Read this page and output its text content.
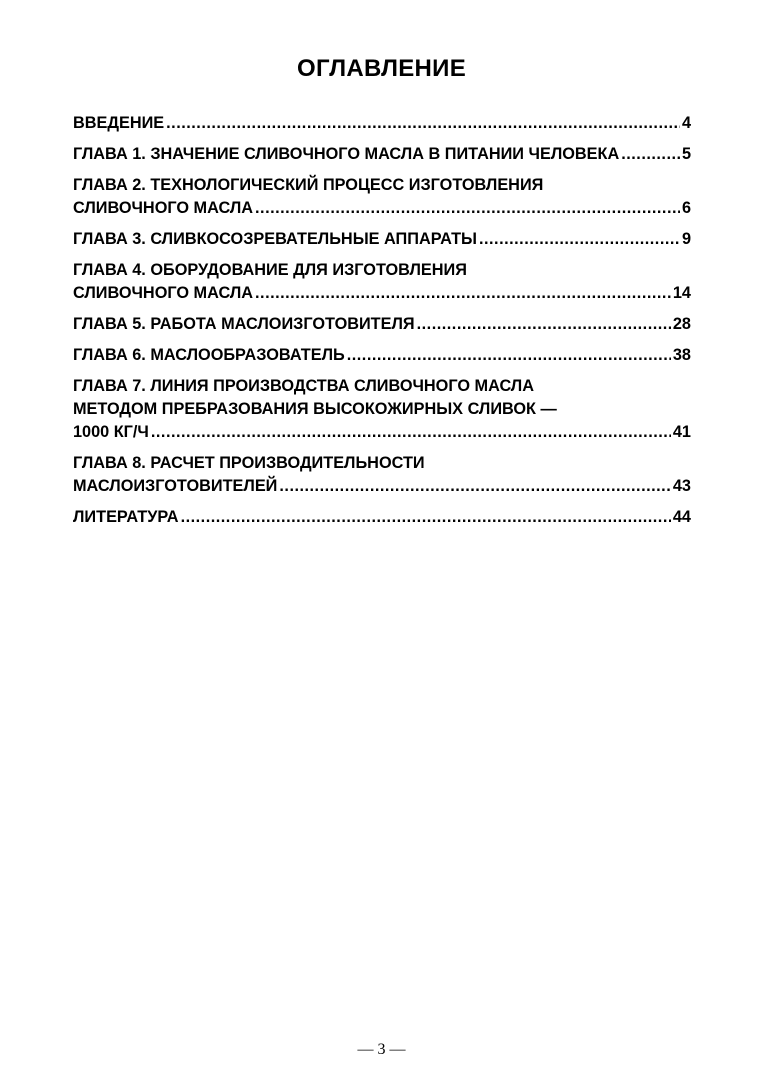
ОГЛАВЛЕНИЕ
ВВЕДЕНИЕ .....	4
ГЛАВА 1. ЗНАЧЕНИЕ СЛИВОЧНОГО МАСЛА В ПИТАНИИ ЧЕЛОВЕКА .....	5
ГЛАВА 2. ТЕХНОЛОГИЧЕСКИЙ ПРОЦЕСС ИЗГОТОВЛЕНИЯ
СЛИВОЧНОГО МАСЛА .....	6
ГЛАВА 3. СЛИВКОСОЗРЕВАТЕЛЬНЫЕ АППАРАТЫ .....	9
ГЛАВА 4. ОБОРУДОВАНИЕ ДЛЯ ИЗГОТОВЛЕНИЯ
СЛИВОЧНОГО МАСЛА .....	14
ГЛАВА 5. РАБОТА МАСЛОИЗГОТОВИТЕЛЯ .....	28
ГЛАВА 6. МАСЛООБРАЗОВАТЕЛЬ .....	38
ГЛАВА 7. ЛИНИЯ ПРОИЗВОДСТВА СЛИВОЧНОГО МАСЛА
МЕТОДОМ ПРЕБРАЗОВАНИЯ ВЫСОКОЖИРНЫХ СЛИВОК —
1000 КГ/Ч .....	41
ГЛАВА 8. РАСЧЕТ ПРОИЗВОДИТЕЛЬНОСТИ
МАСЛОИЗГОТОВИТЕЛЕЙ .....	43
ЛИТЕРАТУРА .....	44
— 3 —
